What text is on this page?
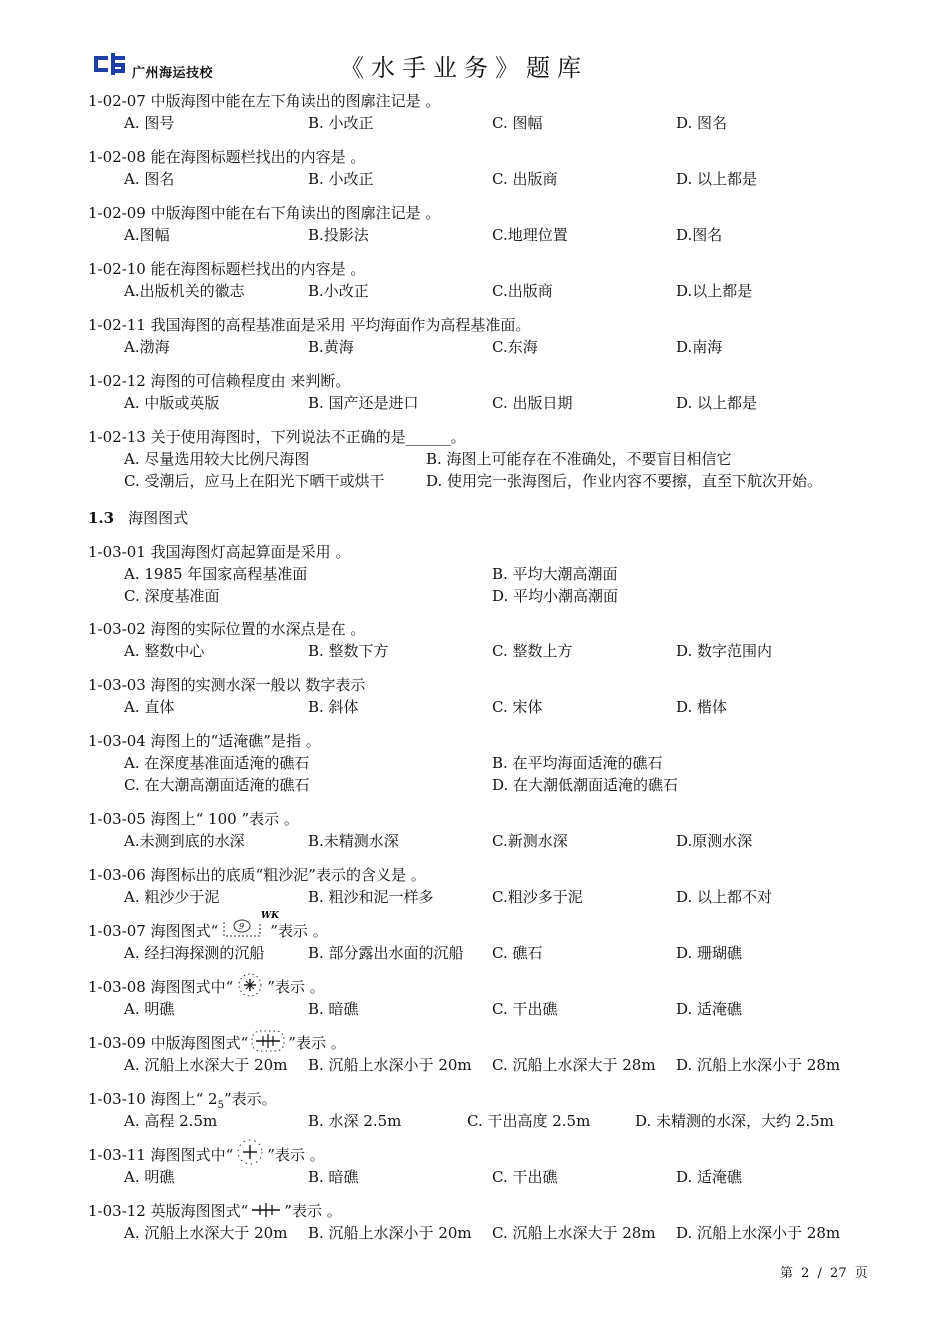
广州海运技校	《水手业务》题库
1-02-07 中版海图中能在左下角读出的图廓注记是 。
A. 图号	B. 小改正	C. 图幅	D. 图名
1-02-08 能在海图标题栏找出的内容是 。
A. 图名	B. 小改正	C. 出版商	D. 以上都是
1-02-09 中版海图中能在右下角读出的图廓注记是 。
A.图幅	B.投影法	C.地理位置	D.图名
1-02-10 能在海图标题栏找出的内容是 。
A.出版机关的徽志	B.小改正	C.出版商	D.以上都是
1-02-11 我国海图的高程基准面是采用 平均海面作为高程基准面。
A.渤海	B.黄海	C.东海	D.南海
1-02-12 海图的可信赖程度由 来判断。
A. 中版或英版	B. 国产还是进口	C. 出版日期	D. 以上都是
1-02-13 关于使用海图时，下列说法不正确的是______。
A. 尽量选用较大比例尺海图	B. 海图上可能存在不准确处，不要盲目相信它
C. 受潮后，应马上在阳光下晒干或烘干	D. 使用完一张海图后，作业内容不要擦，直至下航次开始。
1.3 海图图式
1-03-01 我国海图灯高起算面是采用 。
A. 1985 年国家高程基准面	B. 平均大潮高潮面
C. 深度基准面	D. 平均小潮高潮面
1-03-02 海图的实际位置的水深点是在 。
A. 整数中心	B. 整数下方	C. 整数上方	D. 数字范围内
1-03-03 海图的实测水深一般以 数字表示
A. 直体	B. 斜体	C. 宋体	D. 楷体
1-03-04 海图上的“适淹礁”是指 。
A. 在深度基准面适淹的礁石	B. 在平均海面适淹的礁石
C. 在大潮高潮面适淹的礁石	D. 在大潮低潮面适淹的礁石
1-03-05 海图上“ 100 ”表示 。
A.未测到底的水深	B.未精测水深	C.新测水深	D.原测水深
1-03-06 海图标出的底质“粗沙泥”表示的含义是 。
A. 粗沙少于泥	B. 粗沙和泥一样多	C.粗沙多于泥	D. 以上都不对
1-03-07 海图图式“	9
WK
”表示 。
A. 经扫海探测的沉船	B. 部分露出水面的沉船 C. 礁石	D. 珊瑚礁
1-03-08 海图图式中“ ”表示 。
A. 明礁	B. 暗礁	C. 干出礁	D. 适淹礁
1-03-09 中版海图图式“	”表示 。
A. 沉船上水深大于 20m B. 沉船上水深小于 20m C. 沉船上水深大于 28m D. 沉船上水深小于 28m
1-03-10 海图上“ $2_5$”表示。
A. 高程 2.5m	B. 水深 2.5m	C. 干出高度 2.5m	D. 未精测的水深，大约 2.5m
1-03-11 海图图式中“ ”表示 。
A. 明礁	B. 暗礁	C. 干出礁	D. 适淹礁
1-03-12 英版海图图式“ ”表示 。
A. 沉船上水深大于 20m B. 沉船上水深小于 20m C. 沉船上水深大于 28m D. 沉船上水深小于 28m
第 2 / 27 页
